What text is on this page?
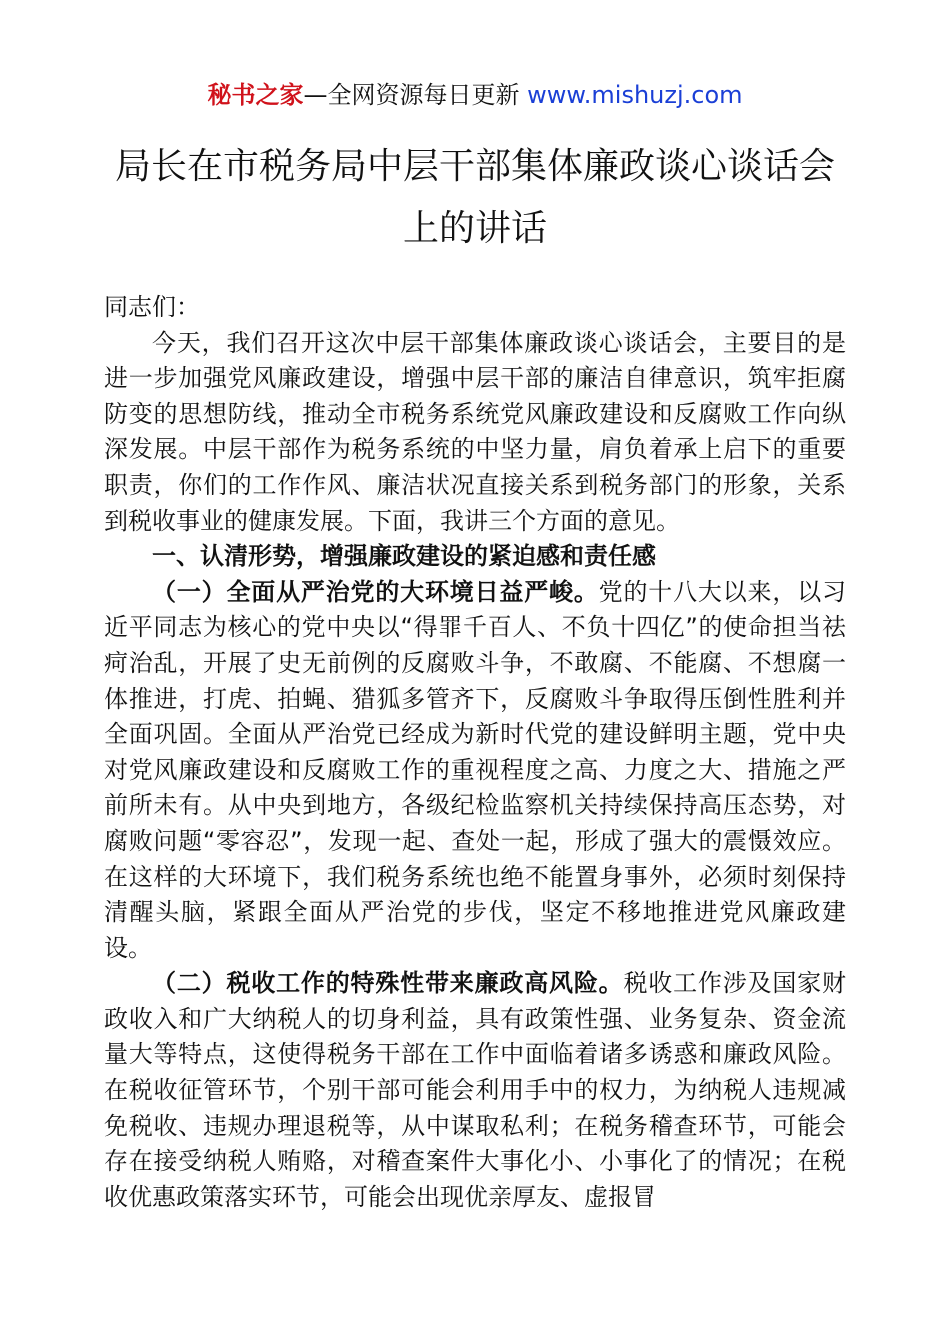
秘书之家—全网资源每日更新 www.mishuzj.com
局长在市税务局中层干部集体廉政谈心谈话会上的讲话

同志们：

今天，我们召开这次中层干部集体廉政谈心谈话会，主要目的是进一步加强党风廉政建设，增强中层干部的廉洁自律意识，筑牢拒腐防变的思想防线，推动全市税务系统党风廉政建设和反腐败工作向纵深发展。中层干部作为税务系统的中坚力量，肩负着承上启下的重要职责，你们的工作作风、廉洁状况直接关系到税务部门的形象，关系到税收事业的健康发展。下面，我讲三个方面的意见。

一、认清形势，增强廉政建设的紧迫感和责任感

（一）全面从严治党的大环境日益严峻。党的十八大以来，以习近平同志为核心的党中央以“得罪千百人、不负十四亿”的使命担当祛疴治乱，开展了史无前例的反腐败斗争，不敢腐、不能腐、不想腐一体推进，打虎、拍蝇、猎狐多管齐下，反腐败斗争取得压倒性胜利并全面巩固。全面从严治党已经成为新时代党的建设鲜明主题，党中央对党风廉政建设和反腐败工作的重视程度之高、力度之大、措施之严前所未有。从中央到地方，各级纪检监察机关持续保持高压态势，对腐败问题“零容忍”，发现一起、查处一起，形成了强大的震慑效应。在这样的大环境下，我们税务系统也绝不能置身事外，必须时刻保持清醒头脑，紧跟全面从严治党的步伐，坚定不移地推进党风廉政建设。

（二）税收工作的特殊性带来廉政高风险。税收工作涉及国家财政收入和广大纳税人的切身利益，具有政策性强、业务复杂、资金流量大等特点，这使得税务干部在工作中面临着诸多诱惑和廉政风险。在税收征管环节，个别干部可能会利用手中的权力，为纳税人违规减免税收、违规办理退税等，从中谋取私利；在税务稽查环节，可能会存在接受纳税人贿赂，对稽查案件大事化小、小事化了的情况；在税收优惠政策落实环节，可能会出现优亲厚友、虚报冒
